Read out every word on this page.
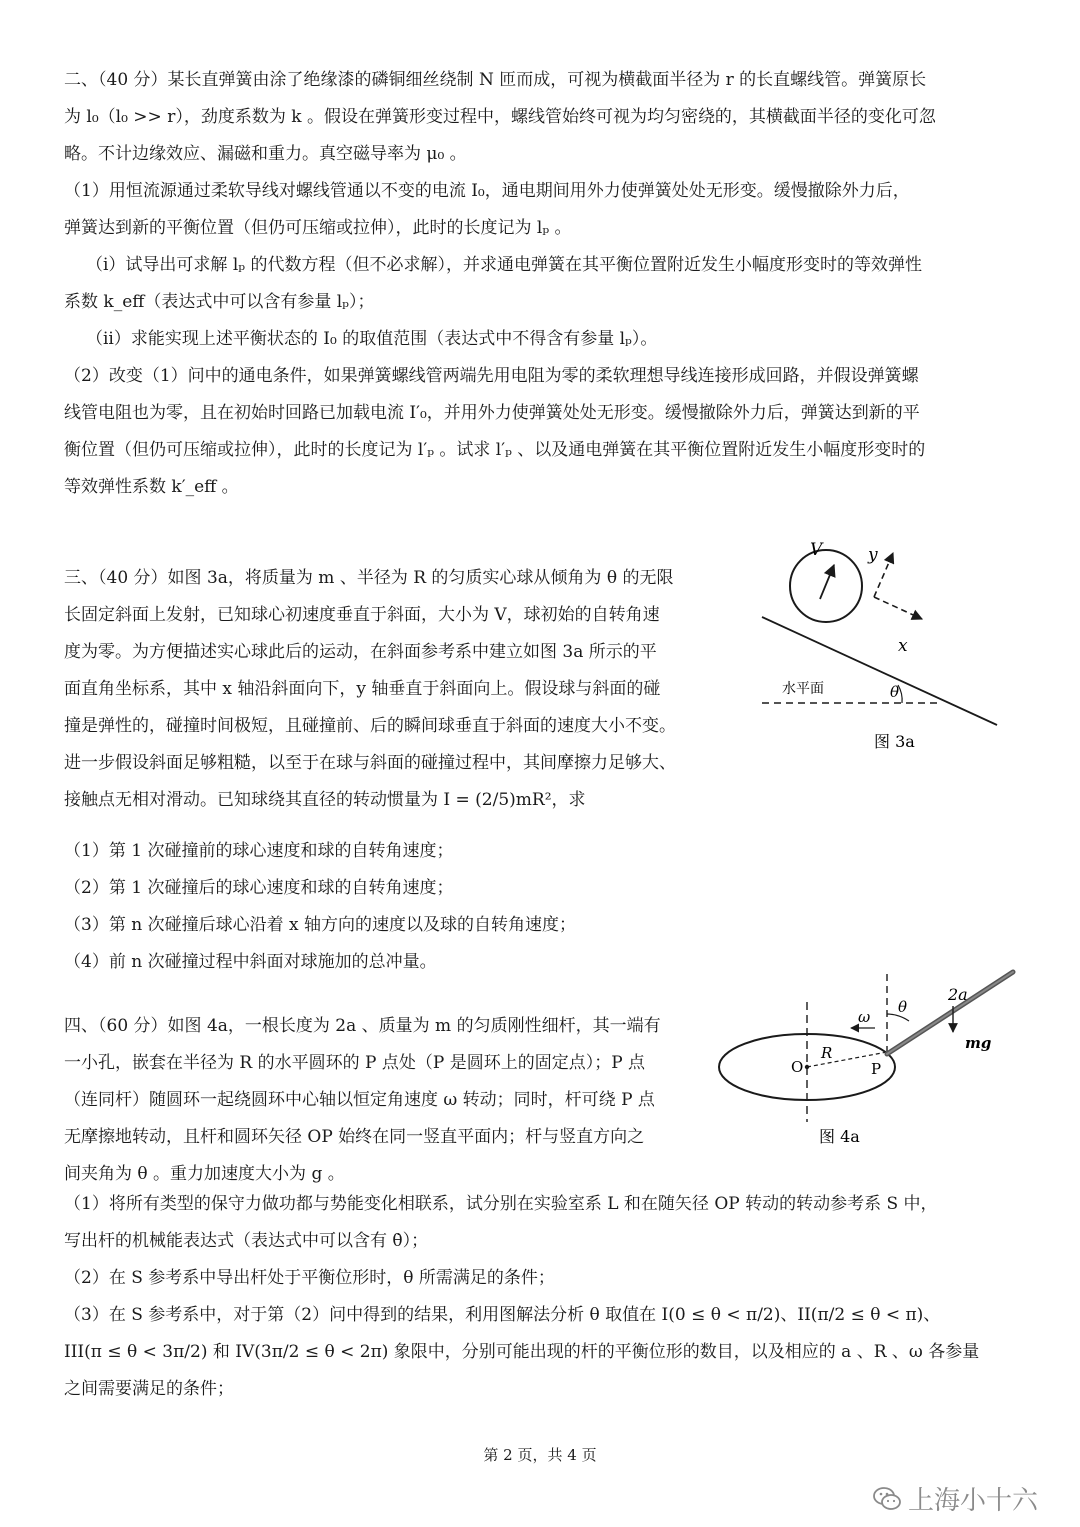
二、（40 分）某长直弹簧由涂了绝缘漆的磷铜细丝绕制 N 匝而成，可视为横截面半径为 r 的长直螺线管。弹簧原长
为 l₀（l₀ >> r），劲度系数为 k 。假设在弹簧形变过程中，螺线管始终可视为均匀密绕的，其横截面半径的变化可忽
略。不计边缘效应、漏磁和重力。真空磁导率为 μ₀ 。
（1）用恒流源通过柔软导线对螺线管通以不变的电流 I₀，通电期间用外力使弹簧处处无形变。缓慢撤除外力后，
弹簧达到新的平衡位置（但仍可压缩或拉伸），此时的长度记为 lₚ 。
（i）试导出可求解 lₚ 的代数方程（但不必求解），并求通电弹簧在其平衡位置附近发生小幅度形变时的等效弹性
系数 k_eff（表达式中可以含有参量 lₚ）；
（ii）求能实现上述平衡状态的 I₀ 的取值范围（表达式中不得含有参量 lₚ）。
（2）改变（1）问中的通电条件，如果弹簧螺线管两端先用电阻为零的柔软理想导线连接形成回路，并假设弹簧螺
线管电阻也为零，且在初始时回路已加载电流 I′₀，并用外力使弹簧处处无形变。缓慢撤除外力后，弹簧达到新的平
衡位置（但仍可压缩或拉伸），此时的长度记为 l′ₚ 。试求 l′ₚ 、以及通电弹簧在其平衡位置附近发生小幅度形变时的
等效弹性系数 k′_eff 。
三、（40 分）如图 3a，将质量为 m 、半径为 R 的匀质实心球从倾角为 θ 的无限
长固定斜面上发射，已知球心初速度垂直于斜面，大小为 V，球初始的自转角速
度为零。为方便描述实心球此后的运动，在斜面参考系中建立如图 3a 所示的平
面直角坐标系，其中 x 轴沿斜面向下，y 轴垂直于斜面向上。假设球与斜面的碰
撞是弹性的，碰撞时间极短，且碰撞前、后的瞬间球垂直于斜面的速度大小不变。
进一步假设斜面足够粗糙，以至于在球与斜面的碰撞过程中，其间摩擦力足够大、
接触点无相对滑动。已知球绕其直径的转动惯量为 I = (2/5)mR²，求
（1）第 1 次碰撞前的球心速度和球的自转角速度；
（2）第 1 次碰撞后的球心速度和球的自转角速度；
（3）第 n 次碰撞后球心沿着 x 轴方向的速度以及球的自转角速度；
（4）前 n 次碰撞过程中斜面对球施加的总冲量。
V	y
x
水平面	θ
图 3a
四、（60 分）如图 4a，一根长度为 2a 、质量为 m 的匀质刚性细杆，其一端有
一小孔，嵌套在半径为 R 的水平圆环的 P 点处（P 是圆环上的固定点）；P 点
（连同杆）随圆环一起绕圆环中心轴以恒定角速度 ω 转动；同时，杆可绕 P 点
无摩擦地转动，且杆和圆环矢径 OP 始终在同一竖直平面内；杆与竖直方向之
间夹角为 θ 。重力加速度大小为 g 。
（1）将所有类型的保守力做功都与势能变化相联系，试分别在实验室系 L 和在随矢径 OP 转动的转动参考系 S 中，
写出杆的机械能表达式（表达式中可以含有 θ̇）；
（2）在 S 参考系中导出杆处于平衡位形时，θ 所需满足的条件；
（3）在 S 参考系中，对于第（2）问中得到的结果，利用图解法分析 θ 取值在 I(0 ≤ θ < π/2)、II(π/2 ≤ θ < π)、
III(π ≤ θ < 3π/2) 和 IV(3π/2 ≤ θ < 2π) 象限中，分别可能出现的杆的平衡位形的数目，以及相应的 a 、R 、ω 各参量
之间需要满足的条件；
2a
ω
θ
R
O	P
mg
图 4a
第 2 页，共 4 页
上海小十六
